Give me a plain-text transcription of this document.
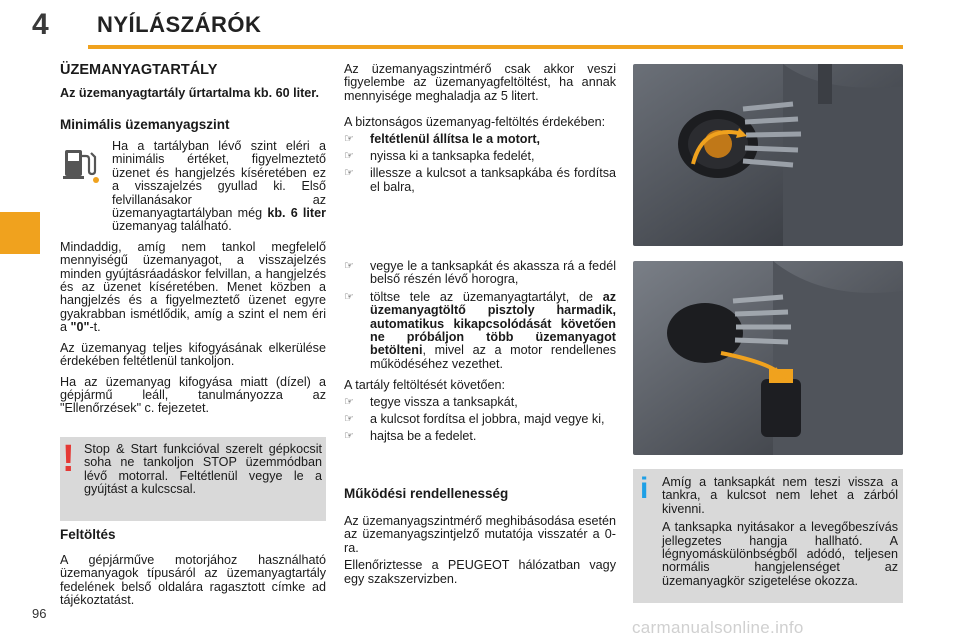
4 NYÍLÁSZÁRÓK
ÜZEMANYAGTARTÁLY

Az üzemanyagtartály űrtartalma kb. 60 liter.

Minimális üzemanyagszint

Ha a tartályban lévő szint eléri a minimális értéket, figyelmeztető üzenet és hangjelzés kíséretében ez a visszajelzés gyullad ki. Első felvillanásakor az üzemanyagtartályban még kb. 6 liter üzemanyag található.

Mindaddig, amíg nem tankol megfelelő mennyiségű üzemanyagot, a visszajelzés minden gyújtásráadáskor felvillan, a hangjelzés és az üzenet kíséretében. Menet közben a hangjelzés és a figyelmeztető üzenet egyre gyakrabban ismétlődik, amíg a szint el nem éri a "0"-t.

Az üzemanyag teljes kifogyásának elkerülése érdekében feltétlenül tankoljon.

Ha az üzemanyag kifogyása miatt (dízel) a gépjármű leáll, tanulmányozza az "Ellenőrzések" c. fejezetet.

! Stop & Start funkcióval szerelt gépkocsit soha ne tankoljon STOP üzemmódban lévő motorral. Feltétlenül vegye le a gyújtást a kulcscsal.
Feltöltés
A gépjárműve motorjához használható üzemanyagok típusáról az üzemanyagtartály fedelének belső oldalára ragasztott címke ad tájékoztatást.

Az üzemanyagszintmérő csak akkor veszi figyelembe az üzemanyagfeltöltést, ha annak mennyisége meghaladja az 5 litert.

A biztonságos üzemanyag-feltöltés érdekében:

☞ feltétlenül állítsa le a motort,
☞ nyissa ki a tanksapka fedelét,
☞ illessze a kulcsot a tanksapkába és fordítsa el balra,
☞ vegye le a tanksapkát és akassza rá a fedél belső részén lévő horogra,
☞ töltse tele az üzemanyagtartályt, de az üzemanyagtöltő pisztoly harmadik, automatikus kikapcsolódását követően ne próbáljon több üzemanyagot betölteni, mivel az a motor rendellenes működéséhez vezethet.

A tartály feltöltését követően:

☞ tegye vissza a tanksapkát,
☞ a kulcsot fordítsa el jobbra, majd vegye ki,
☞ hajtsa be a fedelet.
Működési rendellenesség

Az üzemanyagszintmérő meghibásodása esetén az üzemanyagszintjelző mutatója visszatér a 0-ra.

Ellenőriztesse a PEUGEOT hálózatban vagy egy szakszervizben.

i Amíg a tanksapkát nem teszi vissza a tankra, a kulcsot nem lehet a zárból kivenni.

A tanksapka nyitásakor a levegőbeszívás jellegzetes hangja hallható. A légnyomáskülönbségből adódó, teljesen normális hangjelenséget az üzemanyagkör szigetelése okozza.

96
carmanualsonline.info
